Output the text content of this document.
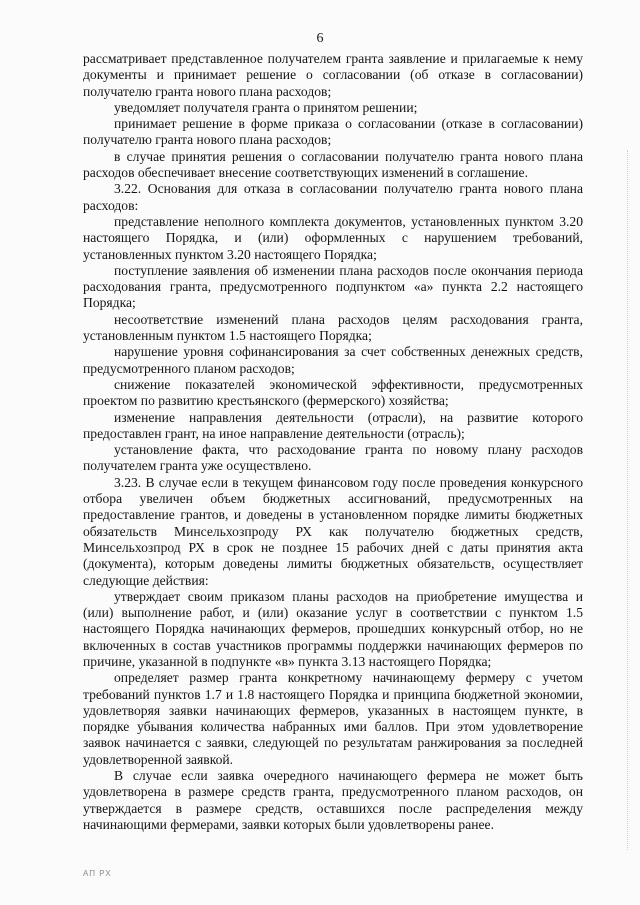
6

рассматривает представленное получателем гранта заявление и прилагаемые к нему документы и принимает решение о согласовании (об отказе в согласовании) получателю гранта нового плана расходов;

уведомляет получателя гранта о принятом решении;

принимает решение в форме приказа о согласовании (отказе в согласовании) получателю гранта нового плана расходов;

в случае принятия решения о согласовании получателю гранта нового плана расходов обеспечивает внесение соответствующих изменений в соглашение.

3.22. Основания для отказа в согласовании получателю гранта нового плана расходов:

представление неполного комплекта документов, установленных пунктом 3.20 настоящего Порядка, и (или) оформленных с нарушением требований, установленных пунктом 3.20 настоящего Порядка;

поступление заявления об изменении плана расходов после окончания периода расходования гранта, предусмотренного подпунктом «а» пункта 2.2 настоящего Порядка;

несоответствие изменений плана расходов целям расходования гранта, установленным пунктом 1.5 настоящего Порядка;

нарушение уровня софинансирования за счет собственных денежных средств, предусмотренного планом расходов;

снижение показателей экономической эффективности, предусмотренных проектом по развитию крестьянского (фермерского) хозяйства;

изменение направления деятельности (отрасли), на развитие которого предоставлен грант, на иное направление деятельности (отрасль);

установление факта, что расходование гранта по новому плану расходов получателем гранта уже осуществлено.

3.23. В случае если в текущем финансовом году после проведения конкурсного отбора увеличен объем бюджетных ассигнований, предусмотренных на предоставление грантов, и доведены в установленном порядке лимиты бюджетных обязательств Минсельхозпроду РХ как получателю бюджетных средств, Минсельхозпрод РХ в срок не позднее 15 рабочих дней с даты принятия акта (документа), которым доведены лимиты бюджетных обязательств, осуществляет следующие действия:

утверждает своим приказом планы расходов на приобретение имущества и (или) выполнение работ, и (или) оказание услуг в соответствии с пунктом 1.5 настоящего Порядка начинающих фермеров, прошедших конкурсный отбор, но не включенных в состав участников программы поддержки начинающих фермеров по причине, указанной в подпункте «в» пункта 3.13 настоящего Порядка;

определяет размер гранта конкретному начинающему фермеру с учетом требований пунктов 1.7 и 1.8 настоящего Порядка и принципа бюджетной экономии, удовлетворяя заявки начинающих фермеров, указанных в настоящем пункте, в порядке убывания количества набранных ими баллов. При этом удовлетворение заявок начинается с заявки, следующей по результатам ранжирования за последней удовлетворенной заявкой.

В случае если заявка очередного начинающего фермера не может быть удовлетворена в размере средств гранта, предусмотренного планом расходов, он утверждается в размере средств, оставшихся после распределения между начинающими фермерами, заявки которых были удовлетворены ранее.

АП РХ
